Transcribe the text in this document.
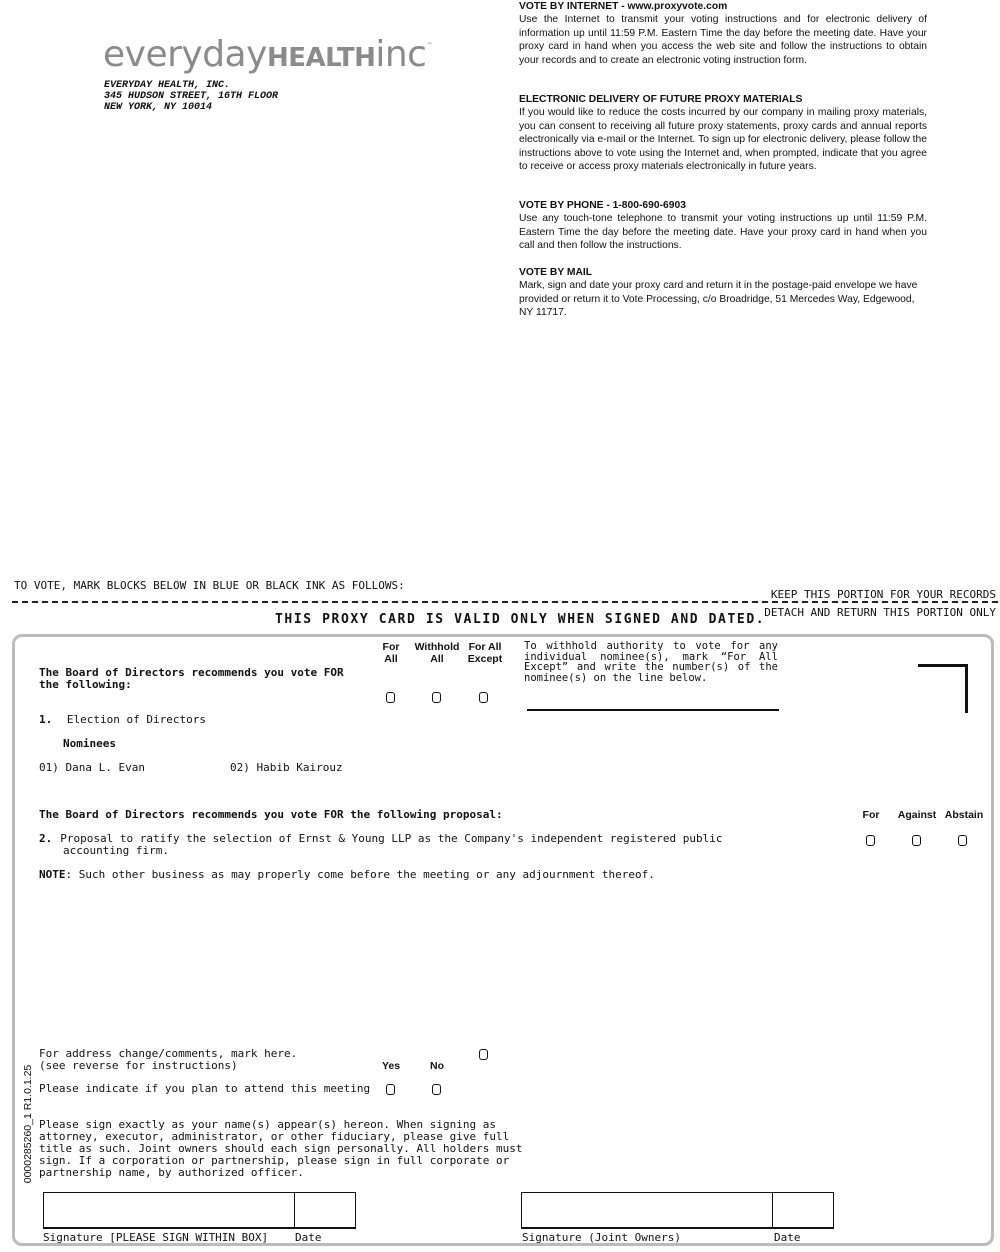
everydayHEALTHinc™
EVERYDAY HEALTH, INC.
345 HUDSON STREET, 16TH FLOOR
NEW YORK, NY 10014

VOTE BY INTERNET - www.proxyvote.com

Use the Internet to transmit your voting instructions and for electronic delivery of information up until 11:59 P.M. Eastern Time the day before the meeting date. Have your proxy card in hand when you access the web site and follow the instructions to obtain your records and to create an electronic voting instruction form.

ELECTRONIC DELIVERY OF FUTURE PROXY MATERIALS

If you would like to reduce the costs incurred by our company in mailing proxy materials, you can consent to receiving all future proxy statements, proxy cards and annual reports electronically via e-mail or the Internet. To sign up for electronic delivery, please follow the instructions above to vote using the Internet and, when prompted, indicate that you agree to receive or access proxy materials electronically in future years.

VOTE BY PHONE - 1-800-690-6903

Use any touch-tone telephone to transmit your voting instructions up until 11:59 P.M. Eastern Time the day before the meeting date. Have your proxy card in hand when you call and then follow the instructions.

VOTE BY MAIL

Mark, sign and date your proxy card and return it in the postage-paid envelope we have provided or return it to Vote Processing, c/o Broadridge, 51 Mercedes Way, Edgewood, NY 11717.

TO VOTE, MARK BLOCKS BELOW IN BLUE OR BLACK INK AS FOLLOWS:
KEEP THIS PORTION FOR YOUR RECORDS
DETACH AND RETURN THIS PORTION ONLY
THIS PROXY CARD IS VALID ONLY WHEN SIGNED AND DATED.
0000285260_1 R1.0.1.25
The Board of Directors recommends you vote FOR
the following:
For
All
Withhold
All
For All
Except
To withhold authority to vote for any
individual nominee(s), mark “For All
Except” and write the number(s) of the
nominee(s) on the line below.
1. Election of Directors
Nominees
01) Dana L. Evan	02) Habib Kairouz
The Board of Directors recommends you vote FOR the following proposal:	For	Against Abstain
2. Proposal to ratify the selection of Ernst & Young LLP as the Company's independent registered public
accounting firm.
NOTE: Such other business as may properly come before the meeting or any adjournment thereof.
For address change/comments, mark here.
(see reverse for instructions)	Yes	No
Please indicate if you plan to attend this meeting
Please sign exactly as your name(s) appear(s) hereon. When signing as
attorney, executor, administrator, or other fiduciary, please give full
title as such. Joint owners should each sign personally. All holders must
sign. If a corporation or partnership, please sign in full corporate or
partnership name, by authorized officer.
Signature [PLEASE SIGN WITHIN BOX] Date	Signature (Joint Owners)	Date
